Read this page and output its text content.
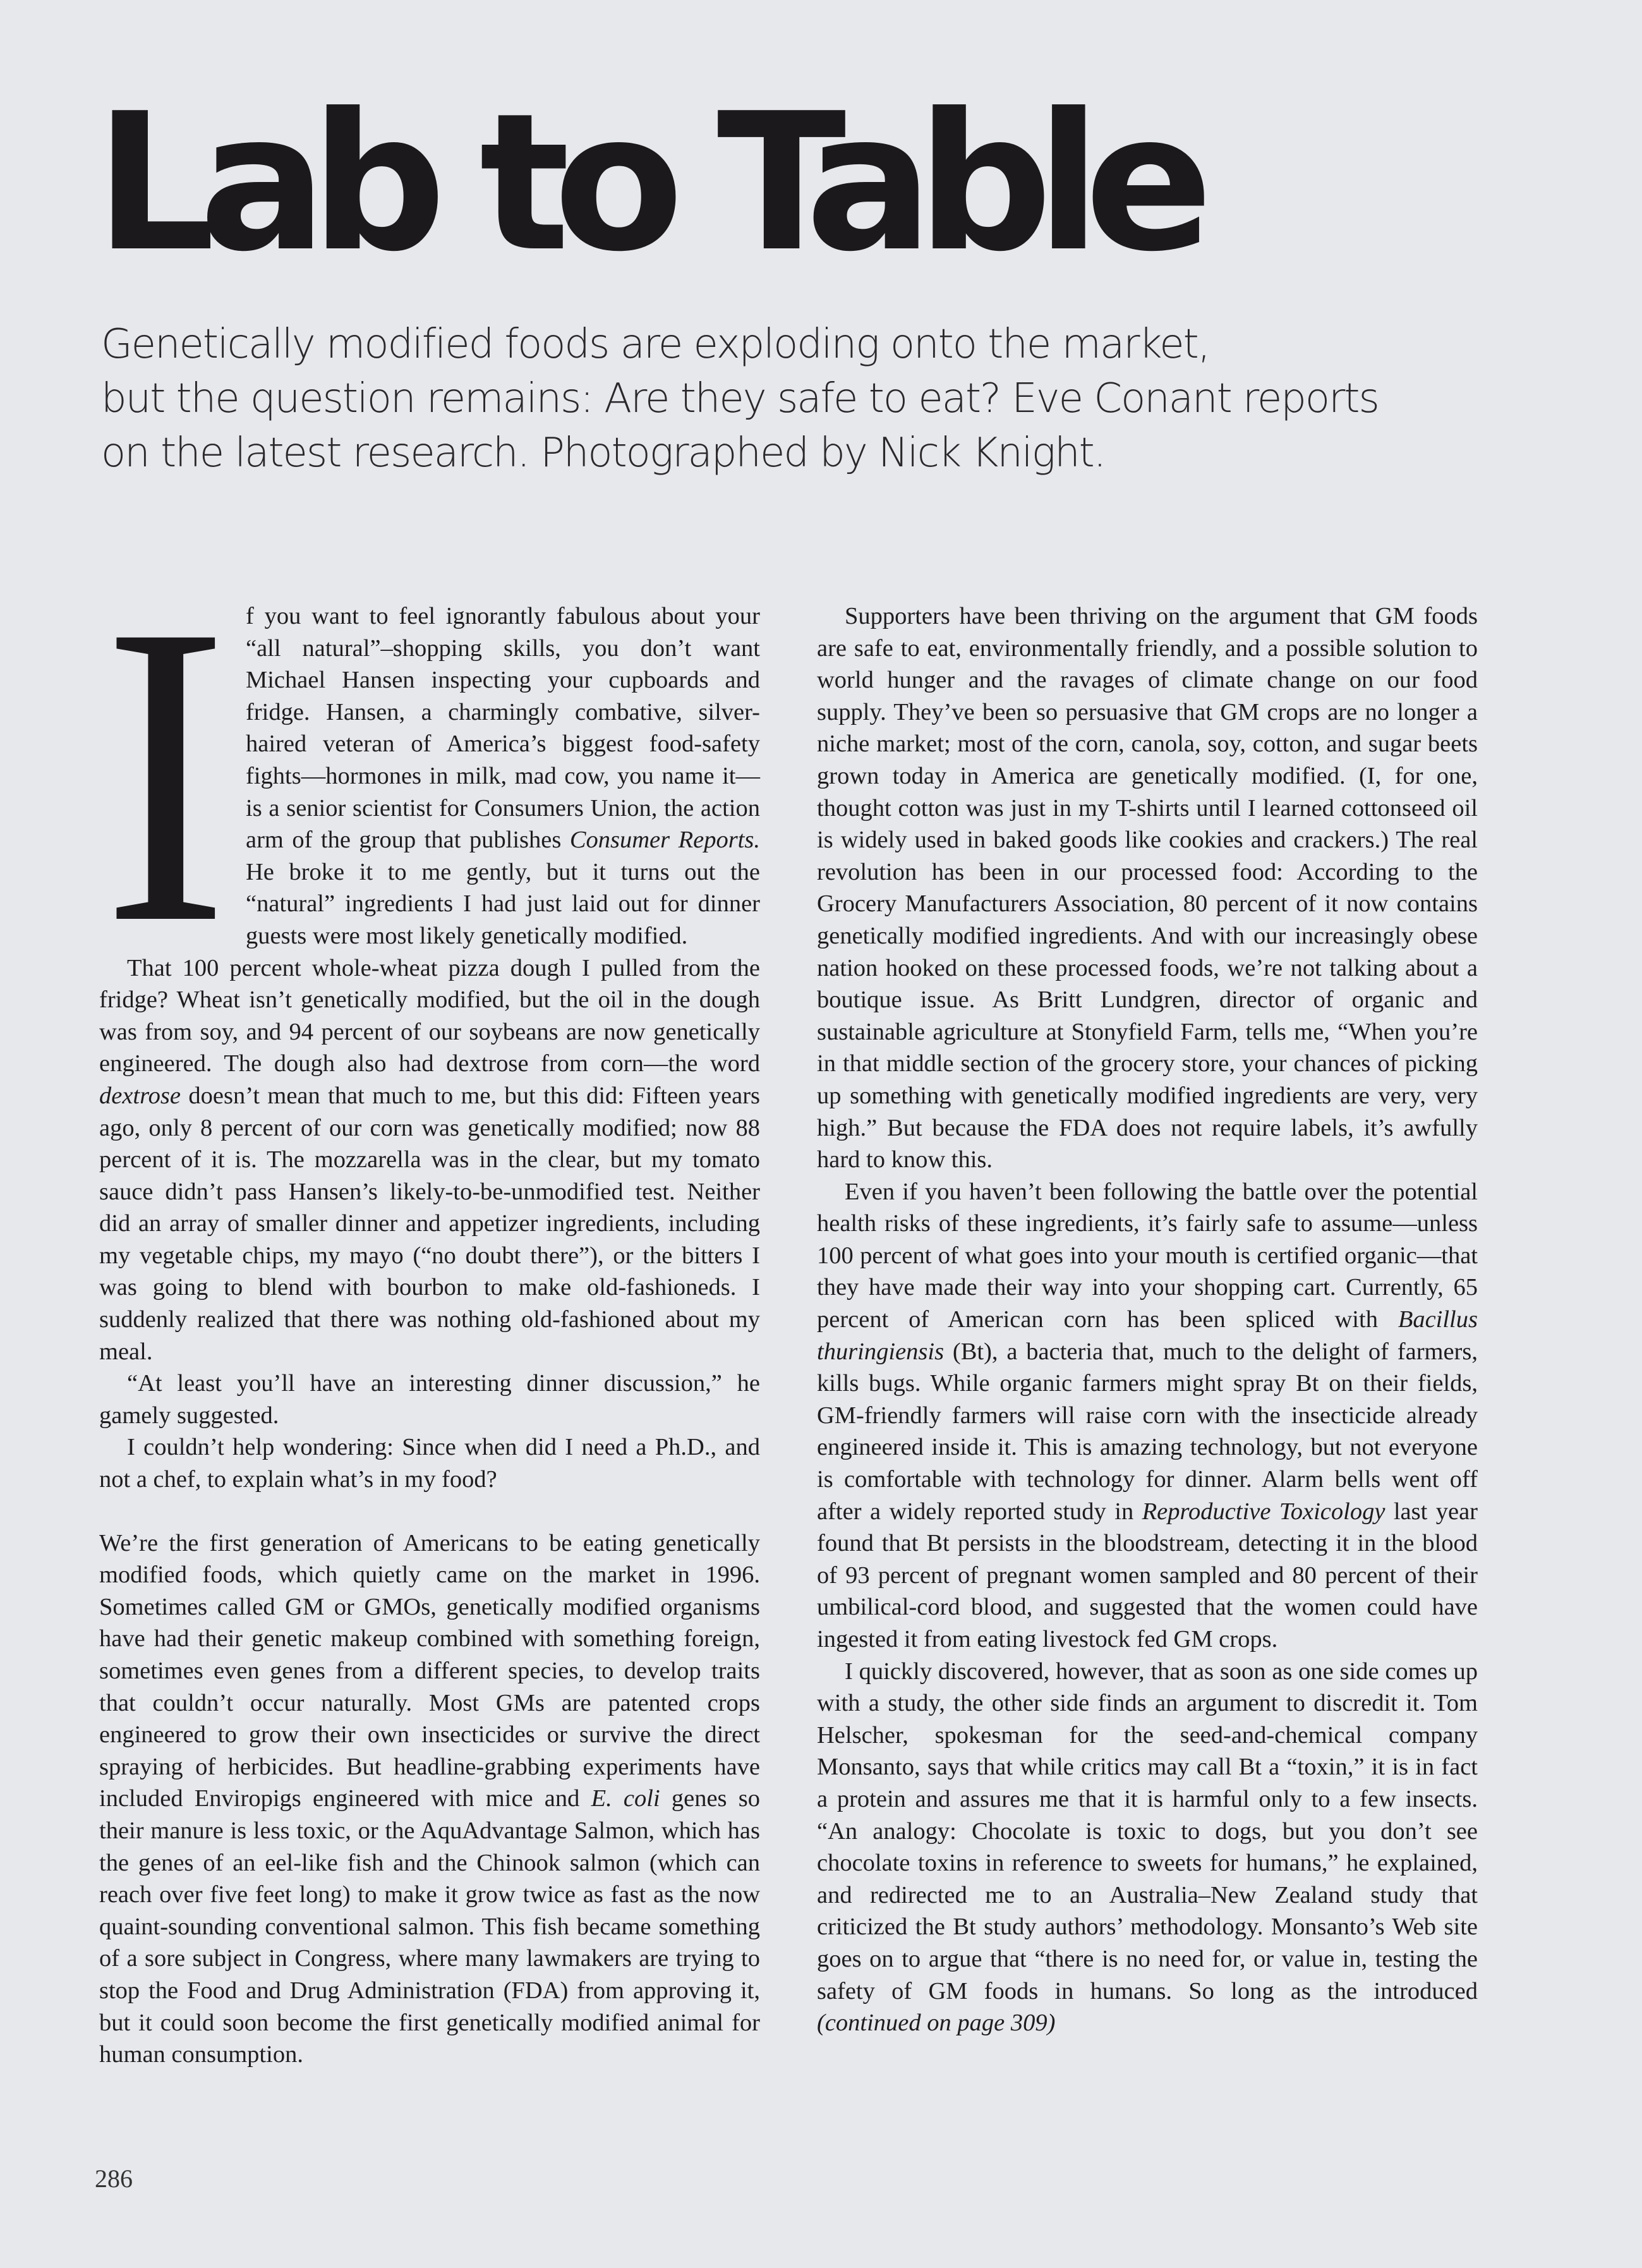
Lab to Table
Genetically modified foods are exploding onto the market,
but the question remains: Are they safe to eat? Eve Conant reports
on the latest research. Photographed by Nick Knight.
I f you want to feel ignorantly fabulous about your “all natural”–shopping skills, you don’t want Michael Hansen inspecting your cupboards and fridge. Hansen, a charmingly combative, silver-haired veteran of America’s biggest food-safety fights—hormones in milk, mad cow, you name it—is a senior scientist for Consumers Union, the action arm of the group that publishes Consumer Reports. He broke it to me gently, but it turns out the “natural” ingredients I had just laid out for dinner guests were most likely genetically modified.

That 100 percent whole-wheat pizza dough I pulled from the fridge? Wheat isn’t genetically modified, but the oil in the dough was from soy, and 94 percent of our soybeans are now genetically engineered. The dough also had dextrose from corn—the word dextrose doesn’t mean that much to me, but this did: Fifteen years ago, only 8 percent of our corn was genetically modified; now 88 percent of it is. The mozzarella was in the clear, but my tomato sauce didn’t pass Hansen’s likely-to-be-unmodified test. Neither did an array of smaller dinner and appetizer ingredients, including my vegetable chips, my mayo (“no doubt there”), or the bitters I was going to blend with bourbon to make old-fashioneds. I suddenly realized that there was nothing old-fashioned about my meal.

“At least you’ll have an interesting dinner discussion,” he gamely suggested.

I couldn’t help wondering: Since when did I need a Ph.D., and not a chef, to explain what’s in my food?

We’re the first generation of Americans to be eating genetically modified foods, which quietly came on the market in 1996. Sometimes called GM or GMOs, genetically modified organisms have had their genetic makeup combined with something foreign, sometimes even genes from a different species, to develop traits that couldn’t occur naturally. Most GMs are patented crops engineered to grow their own insecticides or survive the direct spraying of herbicides. But headline-grabbing experiments have included Enviropigs engineered with mice and E. coli genes so their manure is less toxic, or the AquAdvantage Salmon, which has the genes of an eel-like fish and the Chinook salmon (which can reach over five feet long) to make it grow twice as fast as the now quaint-sounding conventional salmon. This fish became something of a sore subject in Congress, where many lawmakers are trying to stop the Food and Drug Administration (FDA) from approving it, but it could soon become the first genetically modified animal for human consumption.

Supporters have been thriving on the argument that GM foods are safe to eat, environmentally friendly, and a possible solution to world hunger and the ravages of climate change on our food supply. They’ve been so persuasive that GM crops are no longer a niche market; most of the corn, canola, soy, cotton, and sugar beets grown today in America are genetically modified. (I, for one, thought cotton was just in my T-shirts until I learned cottonseed oil is widely used in baked goods like cookies and crackers.) The real revolution has been in our processed food: According to the Grocery Manufacturers Association, 80 percent of it now contains genetically modified ingredients. And with our increasingly obese nation hooked on these processed foods, we’re not talking about a boutique issue. As Britt Lundgren, director of organic and sustainable agriculture at Stonyfield Farm, tells me, “When you’re in that middle section of the grocery store, your chances of picking up something with genetically modified ingredients are very, very high.” But because the FDA does not require labels, it’s awfully hard to know this.

Even if you haven’t been following the battle over the potential health risks of these ingredients, it’s fairly safe to assume—unless 100 percent of what goes into your mouth is certified organic—that they have made their way into your shopping cart. Currently, 65 percent of American corn has been spliced with Bacillus thuringiensis (Bt), a bacteria that, much to the delight of farmers, kills bugs. While organic farmers might spray Bt on their fields, GM-friendly farmers will raise corn with the insecticide already engineered inside it. This is amazing technology, but not everyone is comfortable with technology for dinner. Alarm bells went off after a widely reported study in Reproductive Toxicology last year found that Bt persists in the bloodstream, detecting it in the blood of 93 percent of pregnant women sampled and 80 percent of their umbilical-cord blood, and suggested that the women could have ingested it from eating livestock fed GM crops.

I quickly discovered, however, that as soon as one side comes up with a study, the other side finds an argument to discredit it. Tom Helscher, spokesman for the seed-and-chemical company Monsanto, says that while critics may call Bt a “toxin,” it is in fact a protein and assures me that it is harmful only to a few insects. “An analogy: Chocolate is toxic to dogs, but you don’t see chocolate toxins in reference to sweets for humans,” he explained, and redirected me to an Australia–New Zealand study that criticized the Bt study authors’ methodology. Monsanto’s Web site goes on to argue that “there is no need for, or value in, testing the safety of GM foods in humans. So long as the introduced (continued on page 309)

286
